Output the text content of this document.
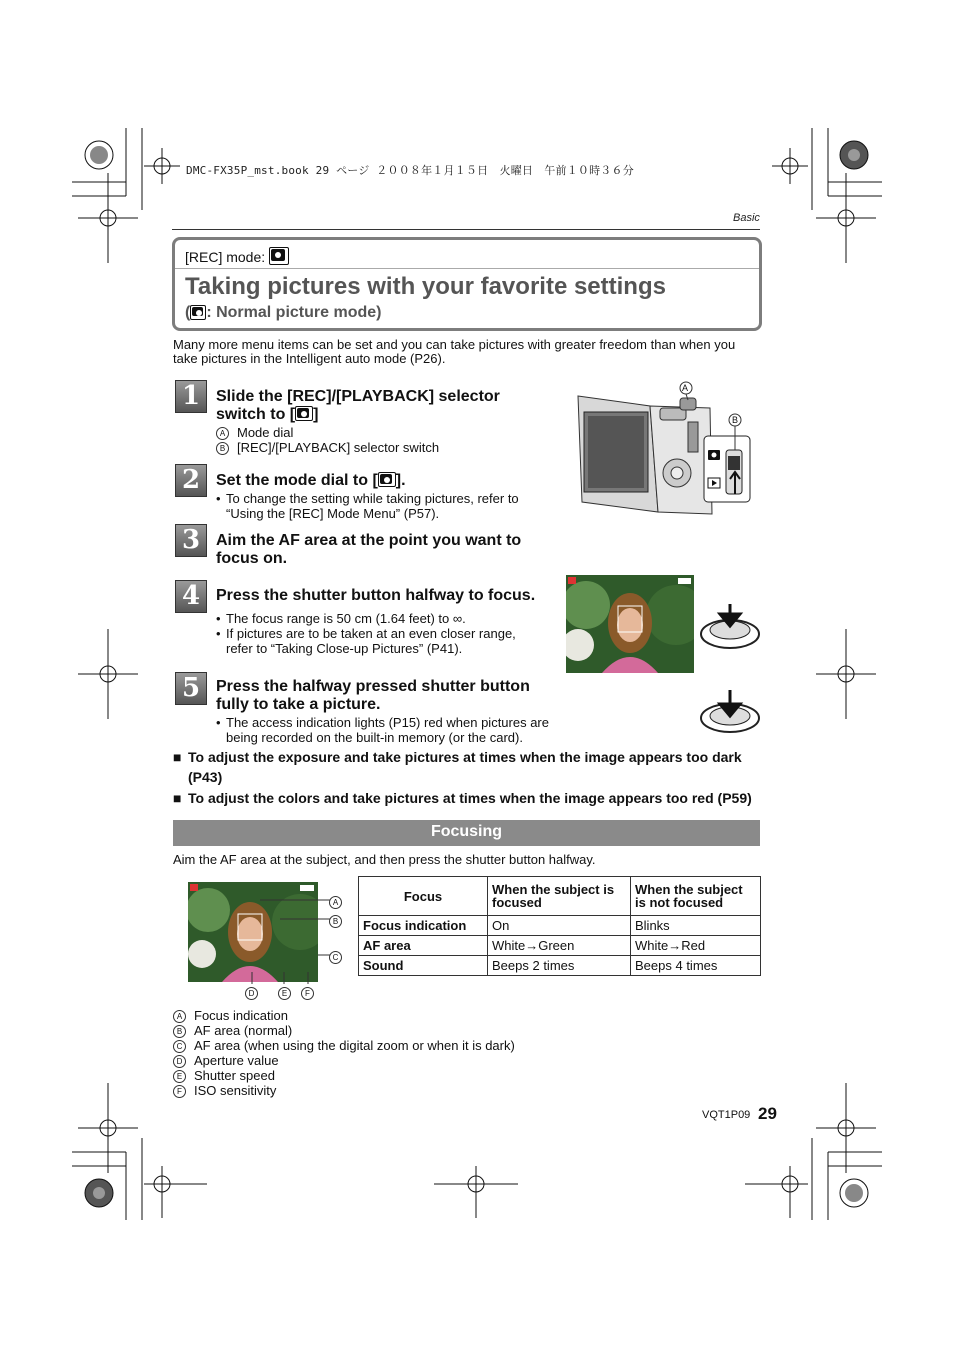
DMC-FX35P_mst.book 29 ページ ２００８年１月１５日　火曜日　午前１０時３６分
Basic
[REC] mode:
Taking pictures with your favorite settings
( : Normal picture mode)
Many more menu items can be set and you can take pictures with greater freedom than when you take pictures in the Intelligent auto mode (P26).
1 Slide the [REC]/[PLAYBACK] selector
switch to [ ]
A Mode dial
B [REC]/[PLAYBACK] selector switch
A
B
2 Set the mode dial to [ ].
• To change the setting while taking pictures, refer to “Using the [REC] Mode Menu” (P57).
3 Aim the AF area at the point you want to focus on.
4 Press the shutter button halfway to focus.
• The focus range is 50 cm (1.64 feet) to ∞.
• If pictures are to be taken at an even closer range, refer to “Taking Close-up Pictures” (P41).
5 Press the halfway pressed shutter button fully to take a picture.
• The access indication lights (P15) red when pictures are being recorded on the built-in memory (or the card).
■ To adjust the exposure and take pictures at times when the image appears too dark (P43)
■ To adjust the colors and take pictures at times when the image appears too red (P59)
Focusing
Aim the AF area at the subject, and then press the shutter button halfway.
A
B
C
D	E	F
Focus	When the subject is focused	When the subject is not focused
Focus indication	On	Blinks
AF area	White→Green	White→Red
Sound	Beeps 2 times	Beeps 4 times
A Focus indication
B AF area (normal)
C AF area (when using the digital zoom or when it is dark)
D Aperture value
E Shutter speed
F ISO sensitivity
VQT1P09 29
